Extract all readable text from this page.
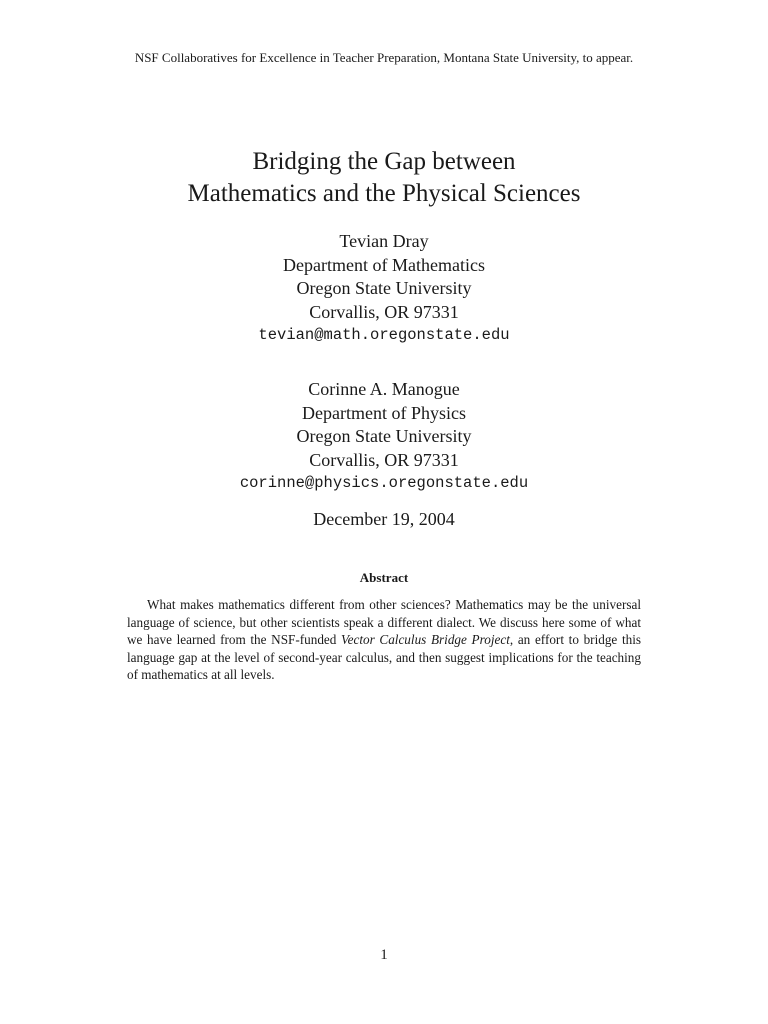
NSF Collaboratives for Excellence in Teacher Preparation, Montana State University, to appear.
Bridging the Gap between
Mathematics and the Physical Sciences
Tevian Dray
Department of Mathematics
Oregon State University
Corvallis, OR 97331
tevian@math.oregonstate.edu
Corinne A. Manogue
Department of Physics
Oregon State University
Corvallis, OR 97331
corinne@physics.oregonstate.edu
December 19, 2004
Abstract
What makes mathematics different from other sciences? Mathematics may be the universal language of science, but other scientists speak a different dialect. We discuss here some of what we have learned from the NSF-funded Vector Calculus Bridge Project, an effort to bridge this language gap at the level of second-year calculus, and then suggest implications for the teaching of mathematics at all levels.
1
